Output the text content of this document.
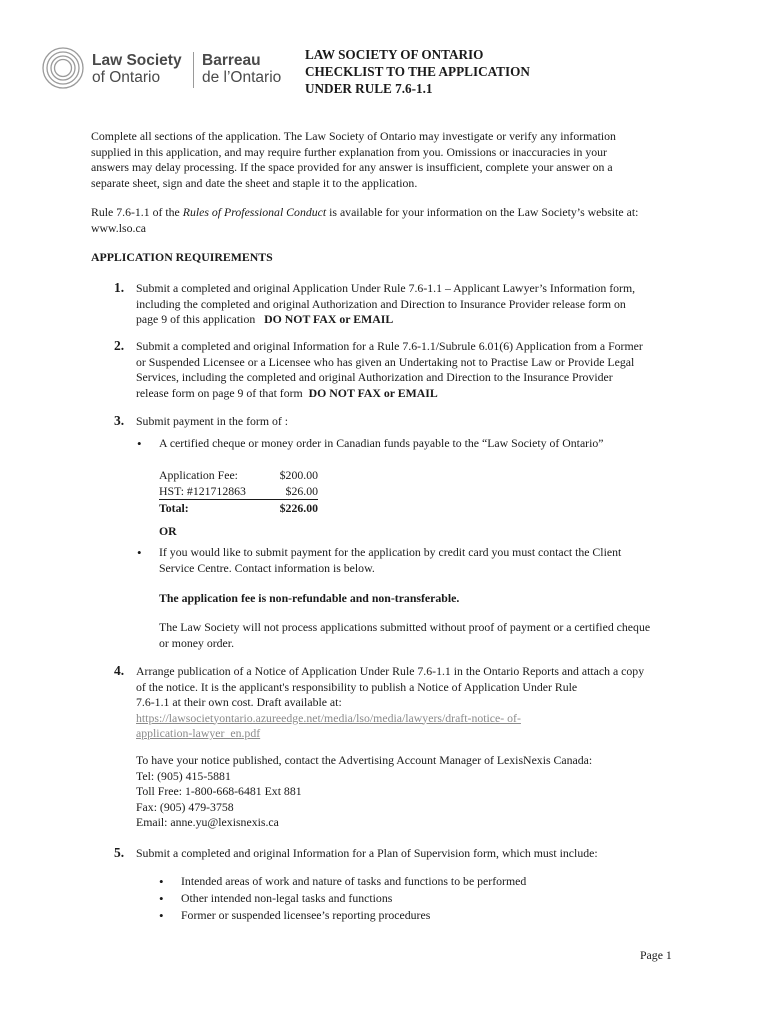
Law Society
of Ontario
Barreau
de l’Ontario
LAW SOCIETY OF ONTARIO
CHECKLIST TO THE APPLICATION
UNDER RULE 7.6-1.1
Complete all sections of the application. The Law Society of Ontario may investigate or verify any information
supplied in this application, and may require further explanation from you. Omissions or inaccuracies in your
answers may delay processing. If the space provided for any answer is insufficient, complete your answer on a
separate sheet, sign and date the sheet and staple it to the application.
Rule 7.6-1.1 of the Rules of Professional Conduct is available for your information on the Law Society’s website at:
www.lso.ca
APPLICATION REQUIREMENTS
1. Submit a completed and original Application Under Rule 7.6-1.1 – Applicant Lawyer’s Information form,
including the completed and original Authorization and Direction to Insurance Provider release form on
page 9 of this application DO NOT FAX or EMAIL
2. Submit a completed and original Information for a Rule 7.6-1.1/Subrule 6.01(6) Application from a Former
or Suspended Licensee or a Licensee who has given an Undertaking not to Practise Law or Provide Legal
Services, including the completed and original Authorization and Direction to the Insurance Provider
release form on page 9 of that form DO NOT FAX or EMAIL
3. Submit payment in the form of :
• A certified cheque or money order in Canadian funds payable to the “Law Society of Ontario”
Application Fee:	$200.00
HST: #121712863	$26.00
Total:	$226.00
OR
• If you would like to submit payment for the application by credit card you must contact the Client
Service Centre. Contact information is below.
The application fee is non-refundable and non-transferable.
The Law Society will not process applications submitted without proof of payment or a certified cheque
or money order.
4. Arrange publication of a Notice of Application Under Rule 7.6-1.1 in the Ontario Reports and attach a copy
of the notice. It is the applicant's responsibility to publish a Notice of Application Under Rule
7.6-1.1 at their own cost. Draft available at:
https://lawsocietyontario.azureedge.net/media/lso/media/lawyers/draft-notice- of-
application-lawyer_en.pdf
To have your notice published, contact the Advertising Account Manager of LexisNexis Canada:
Tel: (905) 415-5881
Toll Free: 1-800-668-6481 Ext 881
Fax: (905) 479-3758
Email: anne.yu@lexisnexis.ca
5. Submit a completed and original Information for a Plan of Supervision form, which must include:
• Intended areas of work and nature of tasks and functions to be performed
• Other intended non-legal tasks and functions
• Former or suspended licensee’s reporting procedures
Page 1
